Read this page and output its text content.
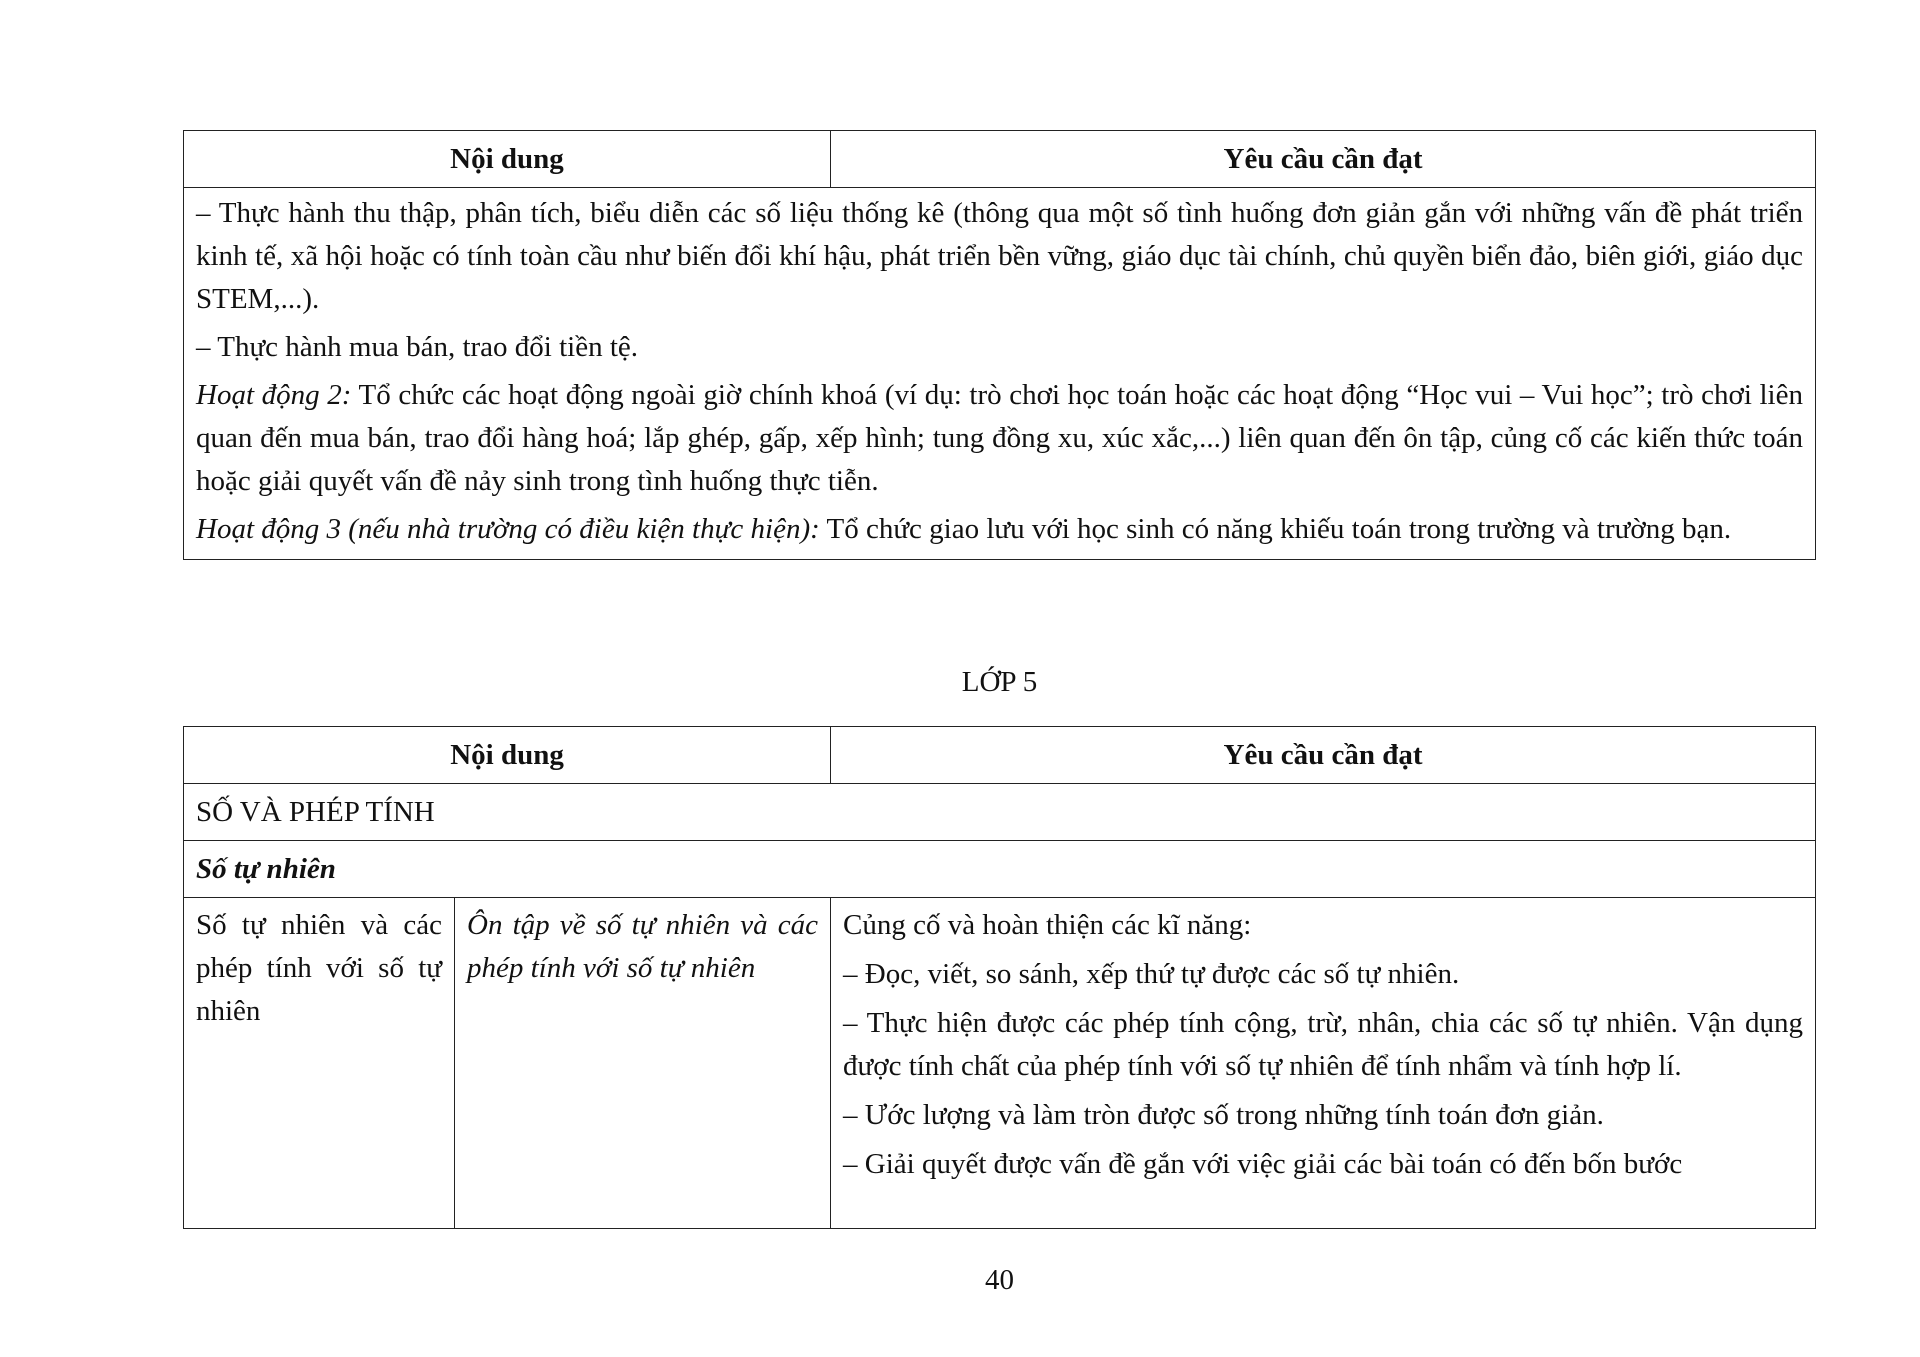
Nội dung	Yêu cầu cần đạt

– Thực hành thu thập, phân tích, biểu diễn các số liệu thống kê (thông qua một số tình huống đơn giản gắn với những vấn đề phát triển kinh tế, xã hội hoặc có tính toàn cầu như biến đổi khí hậu, phát triển bền vững, giáo dục tài chính, chủ quyền biển đảo, biên giới, giáo dục STEM,...).

– Thực hành mua bán, trao đổi tiền tệ.

Hoạt động 2: Tổ chức các hoạt động ngoài giờ chính khoá (ví dụ: trò chơi học toán hoặc các hoạt động “Học vui – Vui học”; trò chơi liên quan đến mua bán, trao đổi hàng hoá; lắp ghép, gấp, xếp hình; tung đồng xu, xúc xắc,...) liên quan đến ôn tập, củng cố các kiến thức toán hoặc giải quyết vấn đề nảy sinh trong tình huống thực tiễn.

Hoạt động 3 (nếu nhà trường có điều kiện thực hiện): Tổ chức giao lưu với học sinh có năng khiếu toán trong trường và trường bạn.

LỚP 5
Nội dung		Yêu cầu cần đạt
SỐ VÀ PHÉP TÍNH		
Số tự nhiên		

Số tự nhiên và các phép tính với số tự nhiên	Ôn tập về số tự nhiên và các phép tính với số tự nhiên	Củng cố và hoàn thiện các kĩ năng:

– Đọc, viết, so sánh, xếp thứ tự được các số tự nhiên.

– Thực hiện được các phép tính cộng, trừ, nhân, chia các số tự nhiên. Vận dụng được tính chất của phép tính với số tự nhiên để tính nhẩm và tính hợp lí.

– Ước lượng và làm tròn được số trong những tính toán đơn giản.

– Giải quyết được vấn đề gắn với việc giải các bài toán có đến bốn bước

40
